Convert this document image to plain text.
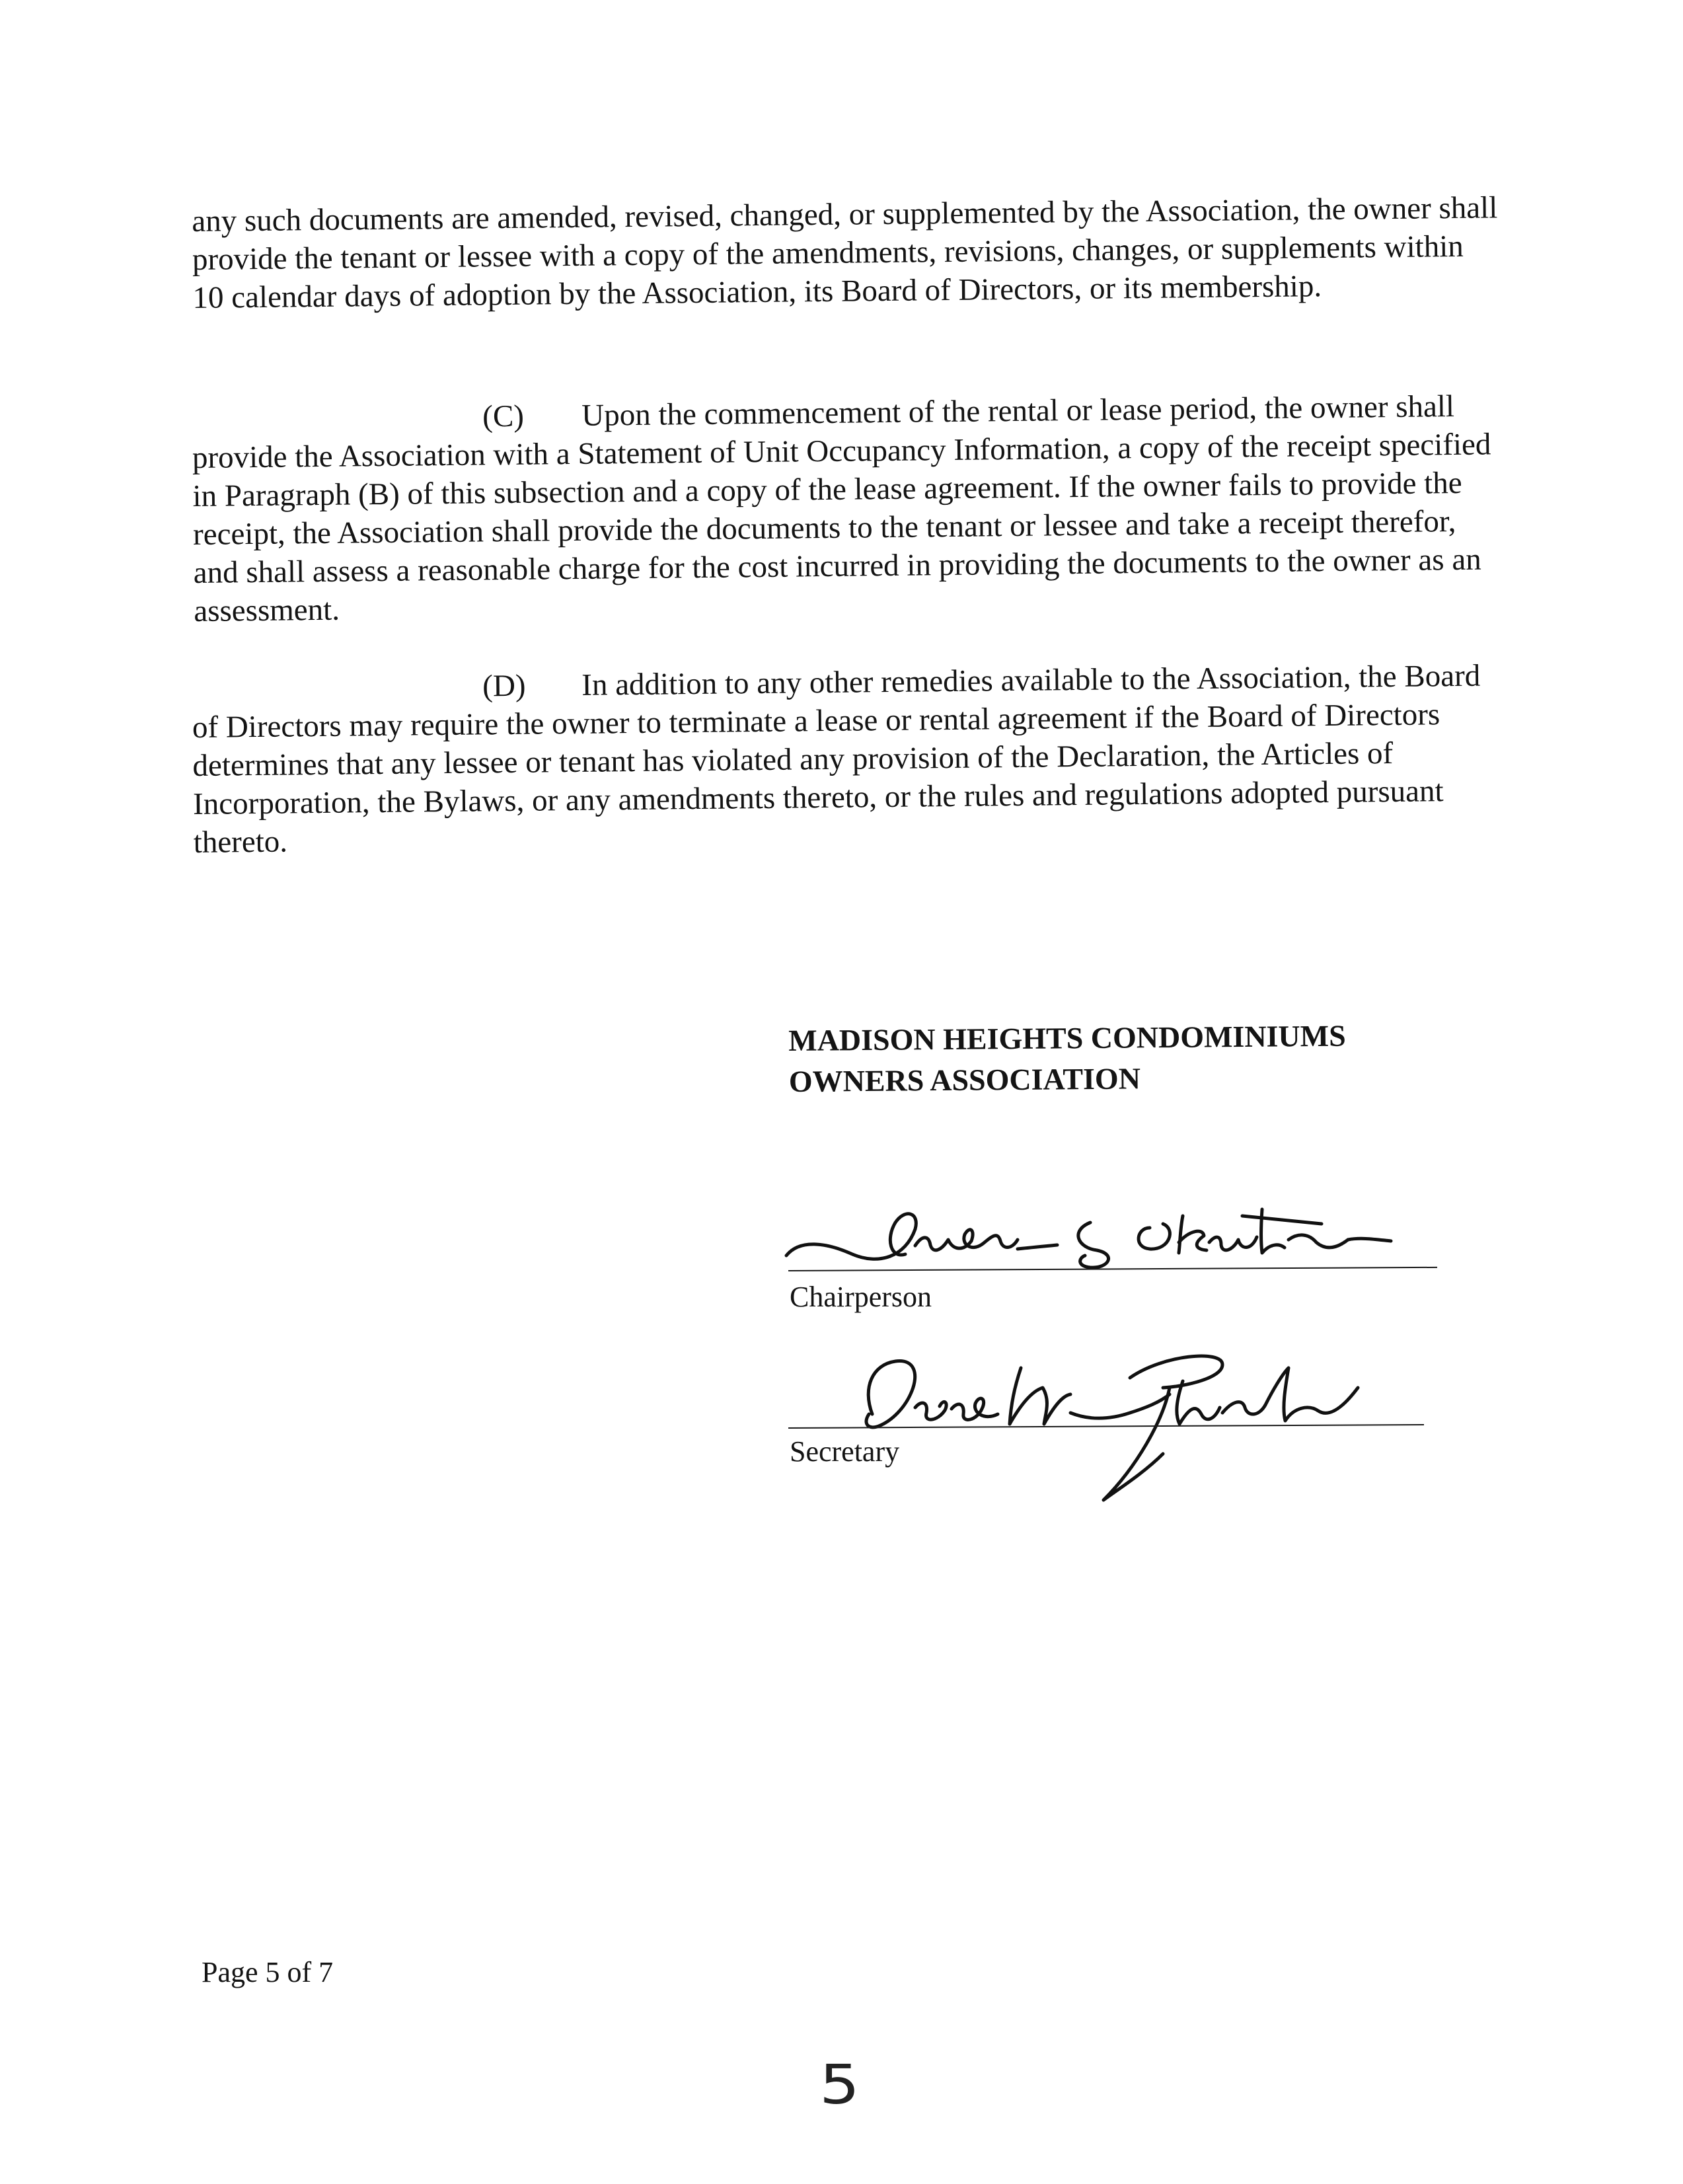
any such documents are amended, revised, changed, or supplemented by the Association, the owner shall provide the tenant or lessee with a copy of the amendments, revisions, changes, or supplements within 10 calendar days of adoption by the Association, its Board of Directors, or its membership.

(C) Upon the commencement of the rental or lease period, the owner shall provide the Association with a Statement of Unit Occupancy Information, a copy of the receipt specified in Paragraph (B) of this subsection and a copy of the lease agreement. If the owner fails to provide the receipt, the Association shall provide the documents to the tenant or lessee and take a receipt therefor, and shall assess a reasonable charge for the cost incurred in providing the documents to the owner as an assessment.

(D) In addition to any other remedies available to the Association, the Board of Directors may require the owner to terminate a lease or rental agreement if the Board of Directors determines that any lessee or tenant has violated any provision of the Declaration, the Articles of Incorporation, the Bylaws, or any amendments thereto, or the rules and regulations adopted pursuant thereto.

MADISON HEIGHTS CONDOMINIUMS
OWNERS ASSOCIATION
Chairperson
Secretary
Page 5 of 7
5
